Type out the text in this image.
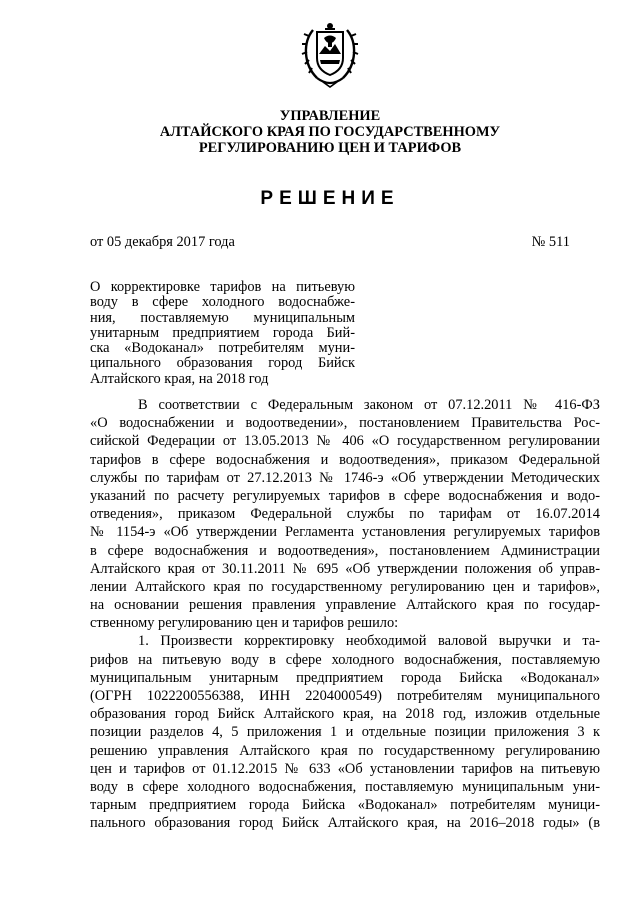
УПРАВЛЕНИЕ
АЛТАЙСКОГО КРАЯ ПО ГОСУДАРСТВЕННОМУ
РЕГУЛИРОВАНИЮ ЦЕН И ТАРИФОВ
РЕШЕНИЕ
от 05 декабря 2017 года	№ 511
О корректировке тарифов на питьевую
воду в сфере холодного водоснабже-
ния, поставляемую муниципальным
унитарным предприятием города Бий-
ска «Водоканал» потребителям муни-
ципального образования город Бийск
Алтайского края, на 2018 год
В соответствии с Федеральным законом от 07.12.2011 № 416-ФЗ
«О водоснабжении и водоотведении», постановлением Правительства Рос-
сийской Федерации от 13.05.2013 № 406 «О государственном регулировании
тарифов в сфере водоснабжения и водоотведения», приказом Федеральной
службы по тарифам от 27.12.2013 № 1746-э «Об утверждении Методических
указаний по расчету регулируемых тарифов в сфере водоснабжения и водо-
отведения», приказом Федеральной службы по тарифам от 16.07.2014
№ 1154-э «Об утверждении Регламента установления регулируемых тарифов
в сфере водоснабжения и водоотведения», постановлением Администрации
Алтайского края от 30.11.2011 № 695 «Об утверждении положения об управ-
лении Алтайского края по государственному регулированию цен и тарифов»,
на основании решения правления управление Алтайского края по государ-
ственному регулированию цен и тарифов решило:
1. Произвести корректировку необходимой валовой выручки и та-
рифов на питьевую воду в сфере холодного водоснабжения, поставляемую
муниципальным унитарным предприятием города Бийска «Водоканал»
(ОГРН 1022200556388, ИНН 2204000549) потребителям муниципального
образования город Бийск Алтайского края, на 2018 год, изложив отдельные
позиции разделов 4, 5 приложения 1 и отдельные позиции приложения 3 к
решению управления Алтайского края по государственному регулированию
цен и тарифов от 01.12.2015 № 633 «Об установлении тарифов на питьевую
воду в сфере холодного водоснабжения, поставляемую муниципальным уни-
тарным предприятием города Бийска «Водоканал» потребителям муници-
пального образования город Бийск Алтайского края, на 2016–2018 годы» (в
